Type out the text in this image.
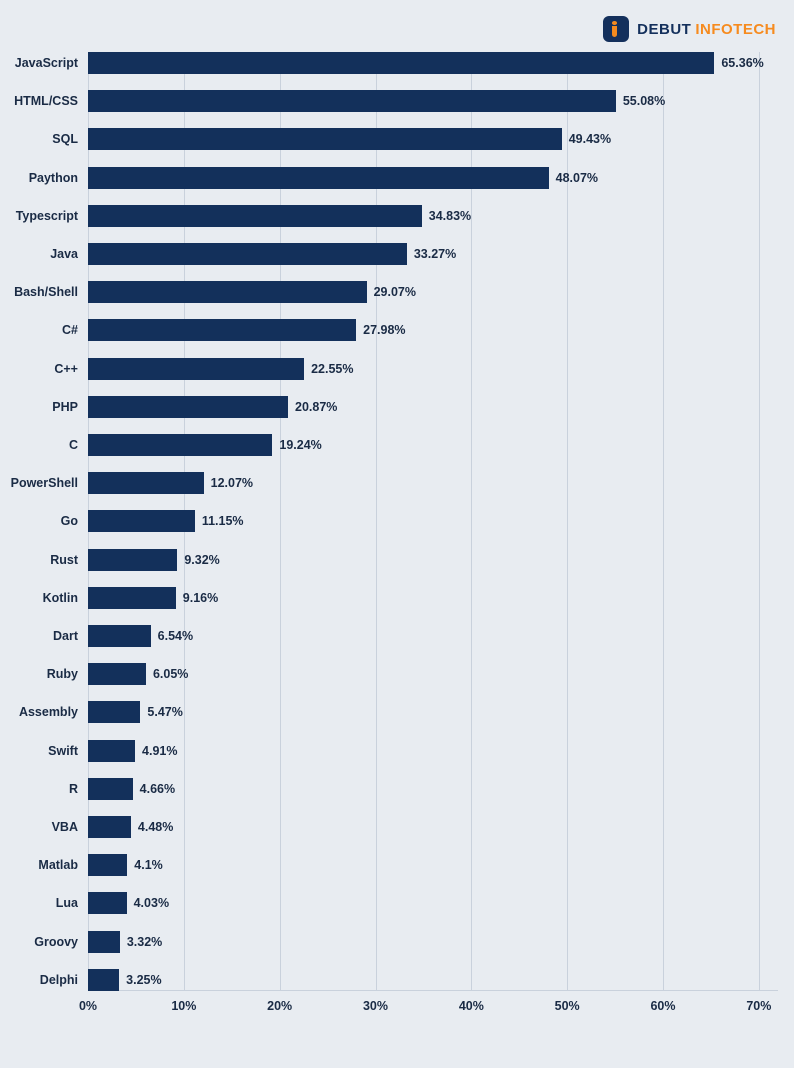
DEBUT INFOTECH
JavaScript	65.36%
HTML/CSS	55.08%
SQL	49.43%
Paython	48.07%
Typescript	34.83%
Java	33.27%
Bash/Shell	29.07%
C#	27.98%
C++	22.55%
PHP	20.87%
C	19.24%
PowerShell	12.07%
Go	11.15%
Rust	9.32%
Kotlin	9.16%
Dart	6.54%
Ruby	6.05%
Assembly	5.47%
Swift	4.91%
R	4.66%
VBA	4.48%
Matlab	4.1%
Lua	4.03%
Groovy	3.32%
Delphi	3.25%
0%	10%	20%	30%	40%	50%	60%	70%
